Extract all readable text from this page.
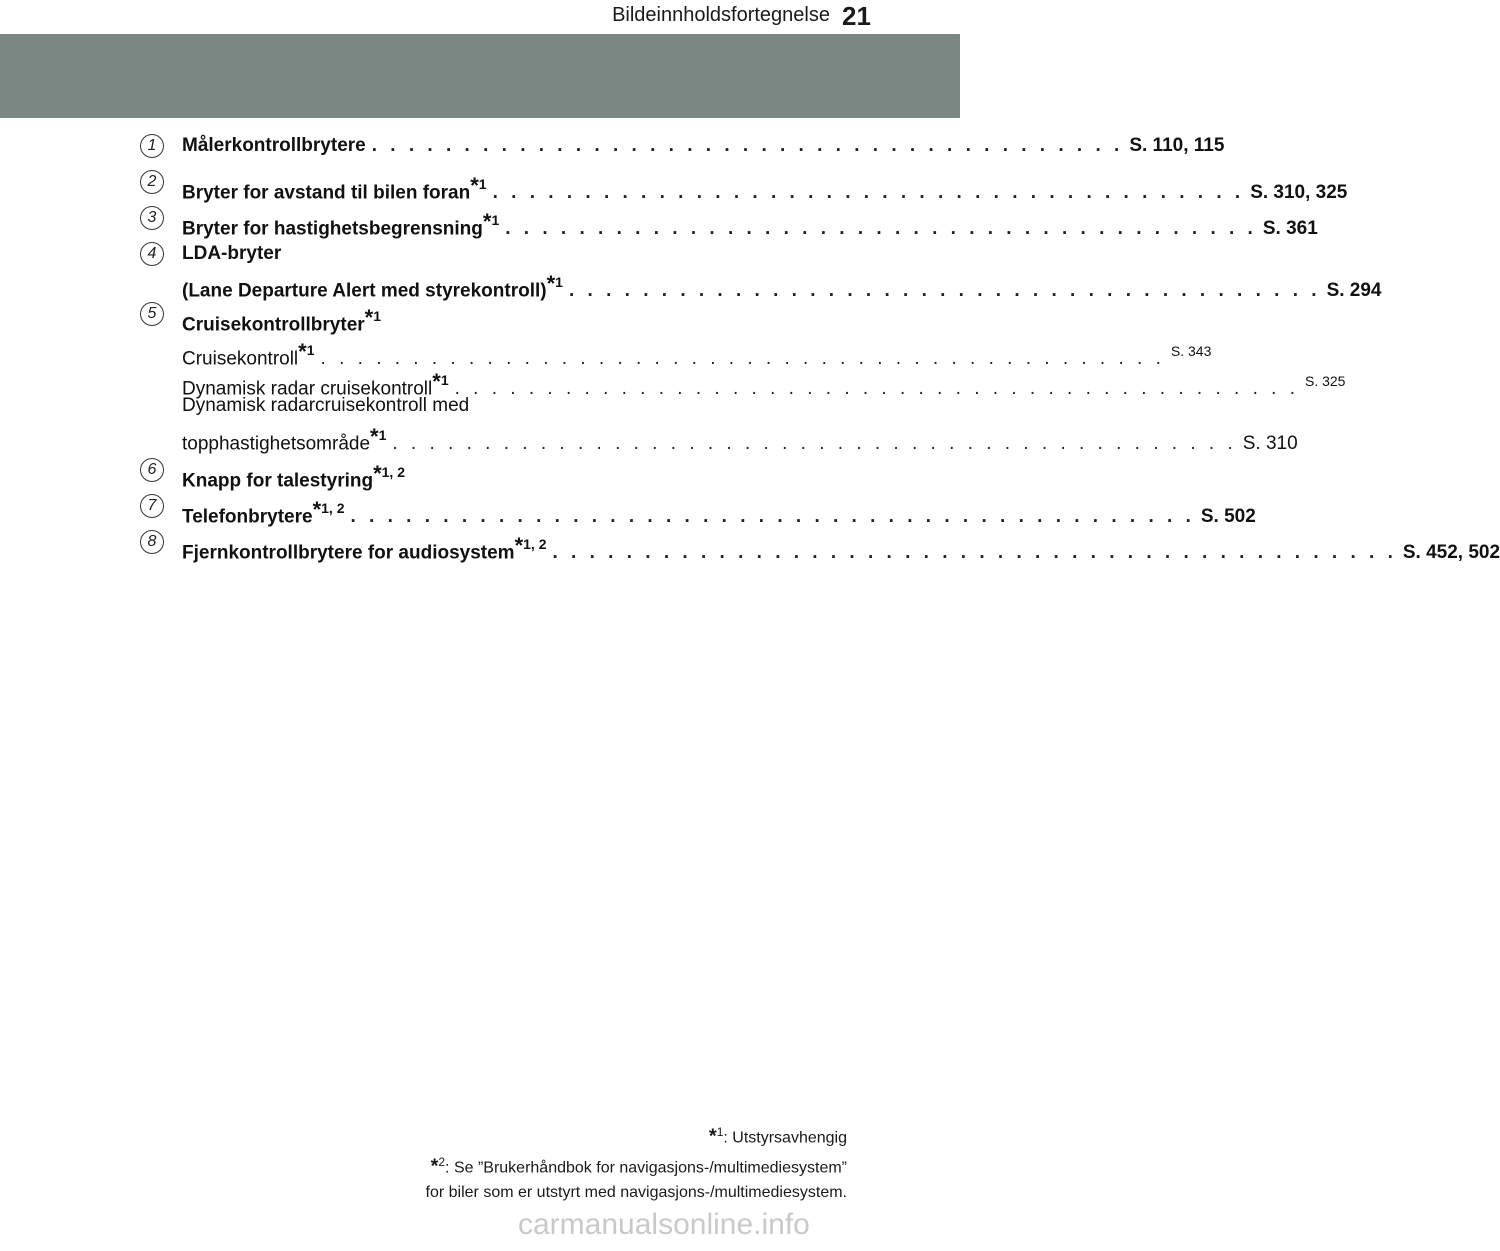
Bildeinnholdsfortegnelse 21
1	Målerkontrollbrytere . . . . . . . . . . . . . . . . . . . . . . . . . . . . . . . . . . . . . . . . . S. 110, 115
2
Bryter for avstand til bilen foran$^{*1}$ . . . . . . . . . . . . . . . . . . . . . . . . . . . . . . . . . . . . . . . . . S. 310, 325
3
Bryter for hastighetsbegrensning$^{*1}$ . . . . . . . . . . . . . . . . . . . . . . . . . . . . . . . . . . . . . . . . . S. 361
4	LDA-bryter
(Lane Departure Alert med styrekontroll)$^{*1}$ . . . . . . . . . . . . . . . . . . . . . . . . . . . . . . . . . . . . . . . . . S. 294
5
Cruisekontrollbryter$^{*1}$
Cruisekontroll$^{*1}$ . . . . . . . . . . . . . . . . . . . . . . . . . . . . . . . . . . . . . . . . . . . . . . S. 343
Dynamisk radar cruisekontroll$^{*1}$ . . . . . . . . . . . . . . . . . . . . . . . . . . . . . . . . . . . . . . . . . . . . . . S. 325
Dynamisk radarcruisekontroll med
topphastighetsområde$^{*1}$ . . . . . . . . . . . . . . . . . . . . . . . . . . . . . . . . . . . . . . . . . . . . . . S. 310
6
Knapp for talestyring$^{*1, 2}$
7
Telefonbrytere$^{*1, 2}$ . . . . . . . . . . . . . . . . . . . . . . . . . . . . . . . . . . . . . . . . . . . . . . S. 502
8
Fjernkontrollbrytere for audiosystem$^{*1, 2}$ . . . . . . . . . . . . . . . . . . . . . . . . . . . . . . . . . . . . . . . . . . . . . . S. 452, 502
*$^1$: Utstyrsavhengig
*$^2$: Se ”Brukerhåndbok for navigasjons-/multimediesystem”
for biler som er utstyrt med navigasjons-/multimediesystem.
carmanualsonline.info
